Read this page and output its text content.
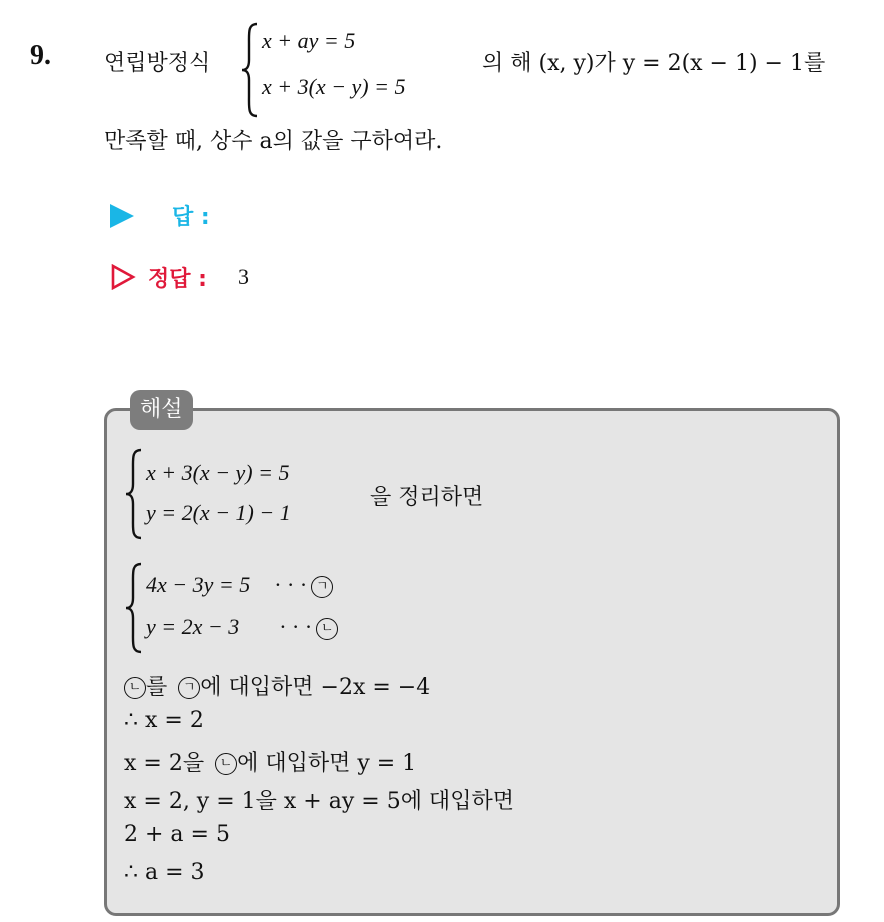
9. 연립방정식
x + ay = 5
x + 3(x − y) = 5
의 해 (x, y)가 y = 2(x − 1) − 1를
만족할 때, 상수 a의 값을 구하여라.
답 :
정답 : 3
해설
x + 3(x − y) = 5
y = 2(x − 1) − 1
을 정리하면
4x − 3y = 5 · · · ㄱ
y = 2x − 3 · · · ㄴ
ㄴ 를 ㄱ 에 대입하면 −2x = −4
∴ x = 2
x = 2을 ㄴ 에 대입하면 y = 1
x = 2, y = 1을 x + ay = 5에 대입하면
2 + a = 5
∴ a = 3
